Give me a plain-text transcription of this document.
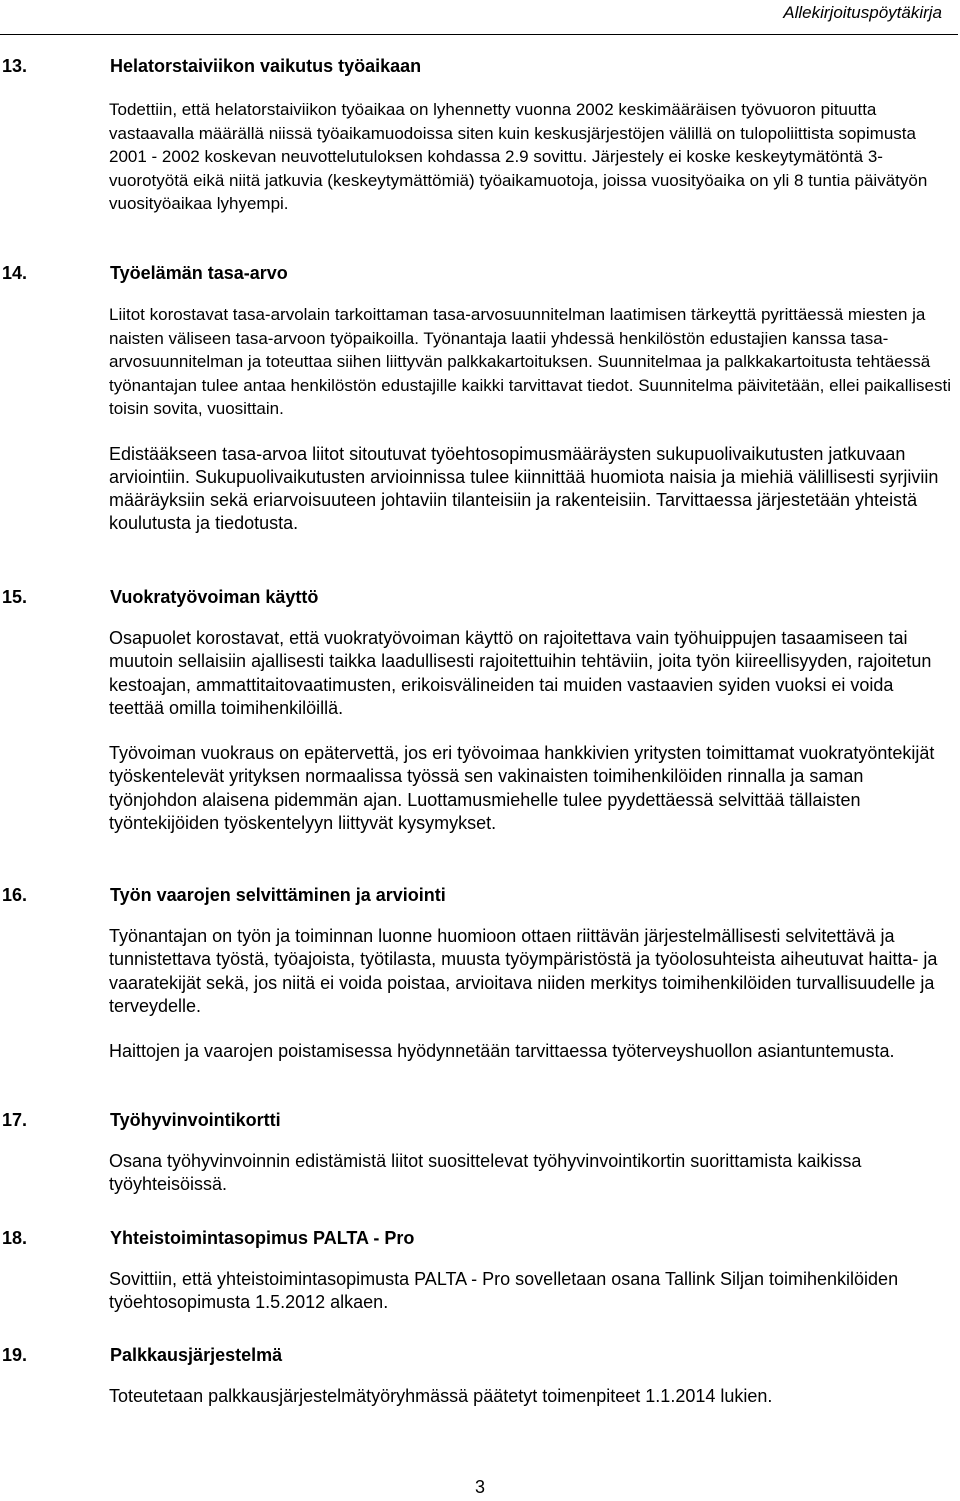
Allekirjoituspöytäkirja

13.	Helatorstaiviikon vaikutus työaikaan

Todettiin, että helatorstaiviikon työaikaa on lyhennetty vuonna 2002 keskimääräisen työvuoron pituutta vastaavalla määrällä niissä työaikamuodoissa siten kuin keskusjärjestöjen välillä on tulopoliittista sopimusta 2001 - 2002 koskevan neuvottelutuloksen kohdassa 2.9 sovittu. Järjestely ei koske keskeytymätöntä 3-vuorotyötä eikä niitä jatkuvia (keskeytymättömiä) työaikamuotoja, joissa vuosityöaika on yli 8 tuntia päivätyön vuosityöaikaa lyhyempi.

14.	Työelämän tasa-arvo

Liitot korostavat tasa-arvolain tarkoittaman tasa-arvosuunnitelman laatimisen tärkeyttä pyrittäessä miesten ja naisten väliseen tasa-arvoon työpaikoilla. Työnantaja laatii yhdessä henkilöstön edustajien kanssa tasa-arvosuunnitelman ja toteuttaa siihen liittyvän palkkakartoituksen. Suunnitelmaa ja palkkakartoitusta tehtäessä työnantajan tulee antaa henkilöstön edustajille kaikki tarvittavat tiedot. Suunnitelma päivitetään, ellei paikallisesti toisin sovita, vuosittain.

Edistääkseen tasa-arvoa liitot sitoutuvat työehtosopimusmääräysten sukupuolivaikutusten jatkuvaan arviointiin. Sukupuolivaikutusten arvioinnissa tulee kiinnittää huomiota naisia ja miehiä välillisesti syrjiviin määräyksiin sekä eriarvoisuuteen johtaviin tilanteisiin ja rakenteisiin. Tarvittaessa järjestetään yhteistä koulutusta ja tiedotusta.

15.	Vuokratyövoiman käyttö

Osapuolet korostavat, että vuokratyövoiman käyttö on rajoitettava vain työhuippujen tasaamiseen tai muutoin sellaisiin ajallisesti taikka laadullisesti rajoitettuihin tehtäviin, joita työn kiireellisyyden, rajoitetun kestoajan, ammattitaitovaatimusten, erikoisvälineiden tai muiden vastaavien syiden vuoksi ei voida teettää omilla toimihenkilöillä.

Työvoiman vuokraus on epätervettä, jos eri työvoimaa hankkivien yritysten toimittamat vuokratyöntekijät työskentelevät yrityksen normaalissa työssä sen vakinaisten toimihenkilöiden rinnalla ja saman työnjohdon alaisena pidemmän ajan. Luottamusmiehelle tulee pyydettäessä selvittää tällaisten työntekijöiden työskentelyyn liittyvät kysymykset.

16.	Työn vaarojen selvittäminen ja arviointi

Työnantajan on työn ja toiminnan luonne huomioon ottaen riittävän järjestelmällisesti selvitettävä ja tunnistettava työstä, työajoista, työtilasta, muusta työympäristöstä ja työolosuhteista aiheutuvat haitta- ja vaaratekijät sekä, jos niitä ei voida poistaa, arvioitava niiden merkitys toimihenkilöiden turvallisuudelle ja terveydelle.

Haittojen ja vaarojen poistamisessa hyödynnetään tarvittaessa työterveyshuollon asiantuntemusta.

17.	Työhyvinvointikortti

Osana työhyvinvoinnin edistämistä liitot suosittelevat työhyvinvointikortin suorittamista kaikissa työyhteisöissä.

18.	Yhteistoimintasopimus PALTA - Pro

Sovittiin, että yhteistoimintasopimusta PALTA - Pro sovelletaan osana Tallink Siljan toimihenkilöiden työehtosopimusta 1.5.2012 alkaen.

19.	Palkkausjärjestelmä

Toteutetaan palkkausjärjestelmätyöryhmässä päätetyt toimenpiteet 1.1.2014 lukien.

3
